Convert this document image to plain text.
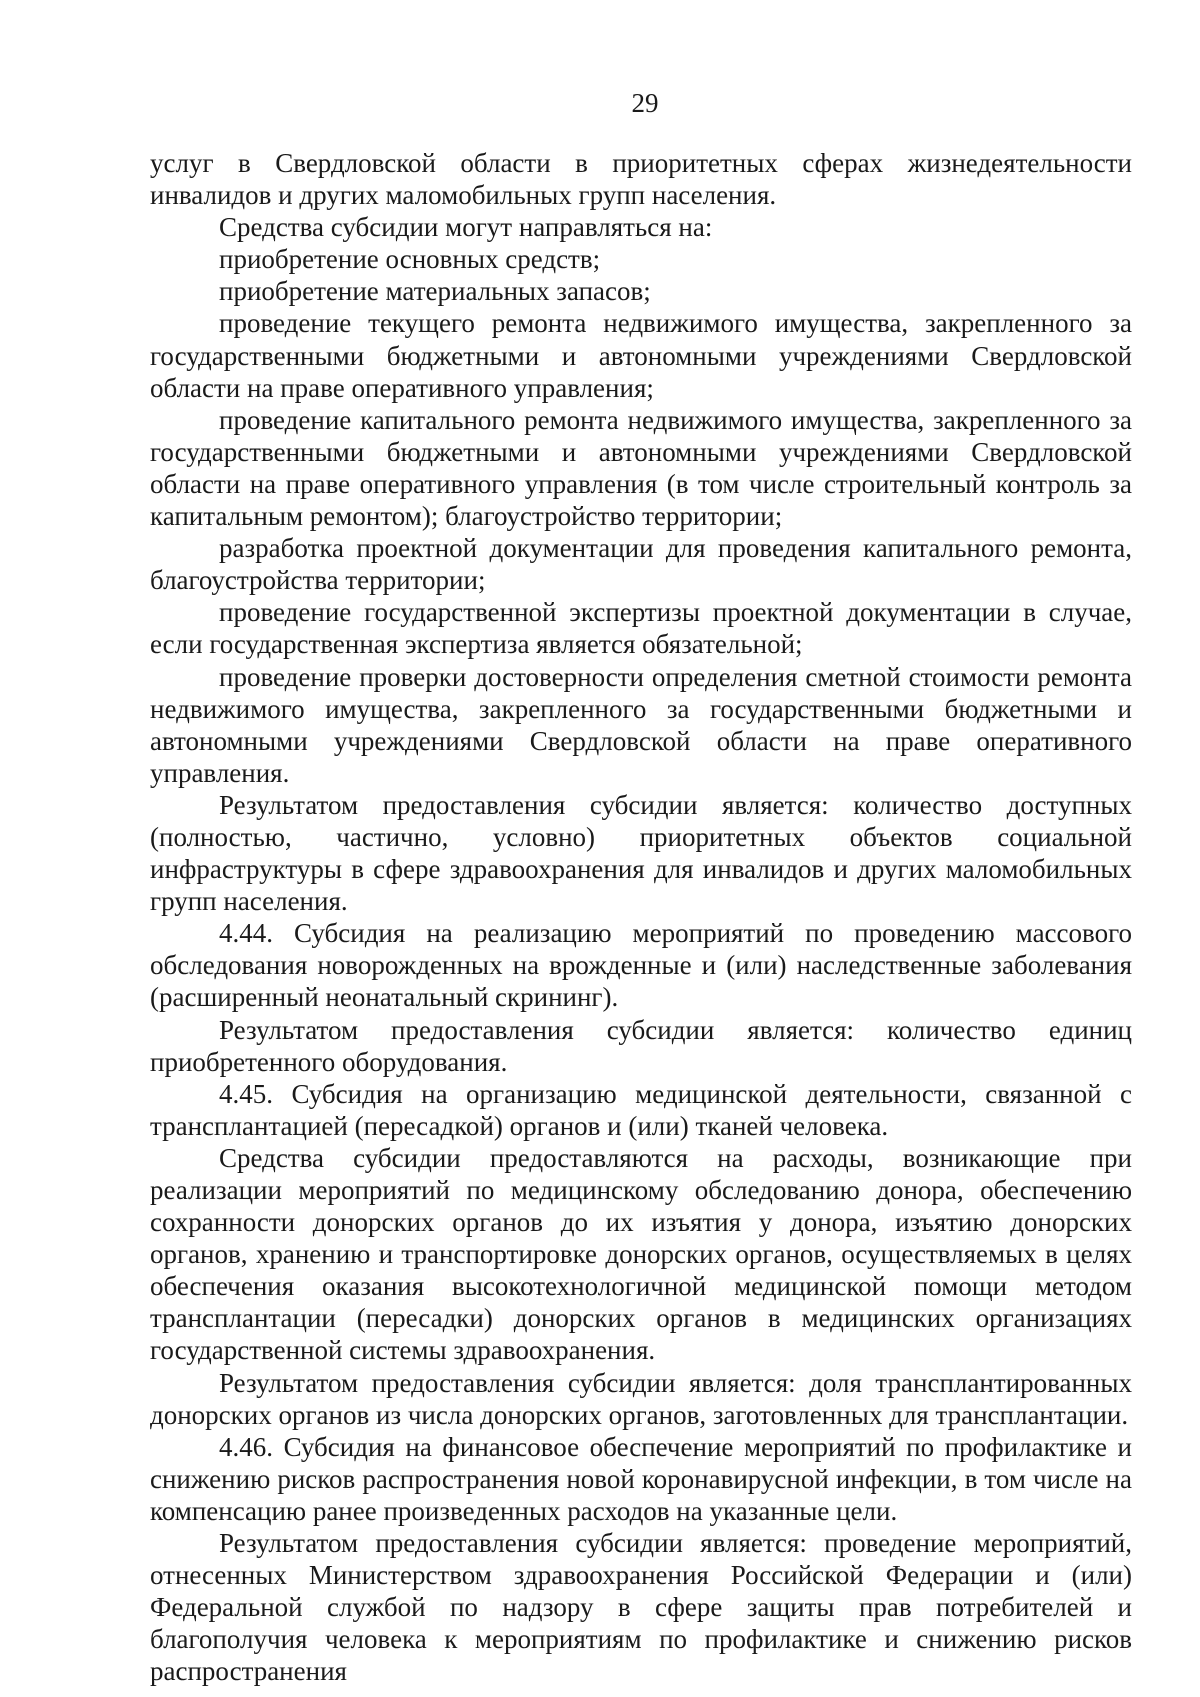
29

услуг в Свердловской области в приоритетных сферах жизнедеятельности инвалидов и других маломобильных групп населения.

Средства субсидии могут направляться на:

приобретение основных средств;

приобретение материальных запасов;

проведение текущего ремонта недвижимого имущества, закрепленного за государственными бюджетными и автономными учреждениями Свердловской области на праве оперативного управления;

проведение капитального ремонта недвижимого имущества, закрепленного за государственными бюджетными и автономными учреждениями Свердловской области на праве оперативного управления (в том числе строительный контроль за капитальным ремонтом); благоустройство территории;

разработка проектной документации для проведения капитального ремонта, благоустройства территории;

проведение государственной экспертизы проектной документации в случае, если государственная экспертиза является обязательной;

проведение проверки достоверности определения сметной стоимости ремонта недвижимого имущества, закрепленного за государственными бюджетными и автономными учреждениями Свердловской области на праве оперативного управления.

Результатом предоставления субсидии является: количество доступных (полностью, частично, условно) приоритетных объектов социальной инфраструктуры в сфере здравоохранения для инвалидов и других маломобильных групп населения.

4.44. Субсидия на реализацию мероприятий по проведению массового обследования новорожденных на врожденные и (или) наследственные заболевания (расширенный неонатальный скрининг).

Результатом предоставления субсидии является: количество единиц приобретенного оборудования.

4.45. Субсидия на организацию медицинской деятельности, связанной с трансплантацией (пересадкой) органов и (или) тканей человека.

Средства субсидии предоставляются на расходы, возникающие при реализации мероприятий по медицинскому обследованию донора, обеспечению сохранности донорских органов до их изъятия у донора, изъятию донорских органов, хранению и транспортировке донорских органов, осуществляемых в целях обеспечения оказания высокотехнологичной медицинской помощи методом трансплантации (пересадки) донорских органов в медицинских организациях государственной системы здравоохранения.

Результатом предоставления субсидии является: доля трансплантированных донорских органов из числа донорских органов, заготовленных для трансплантации.

4.46. Субсидия на финансовое обеспечение мероприятий по профилактике и снижению рисков распространения новой коронавирусной инфекции, в том числе на компенсацию ранее произведенных расходов на указанные цели.

Результатом предоставления субсидии является: проведение мероприятий, отнесенных Министерством здравоохранения Российской Федерации и (или) Федеральной службой по надзору в сфере защиты прав потребителей и благополучия человека к мероприятиям по профилактике и снижению рисков распространения
